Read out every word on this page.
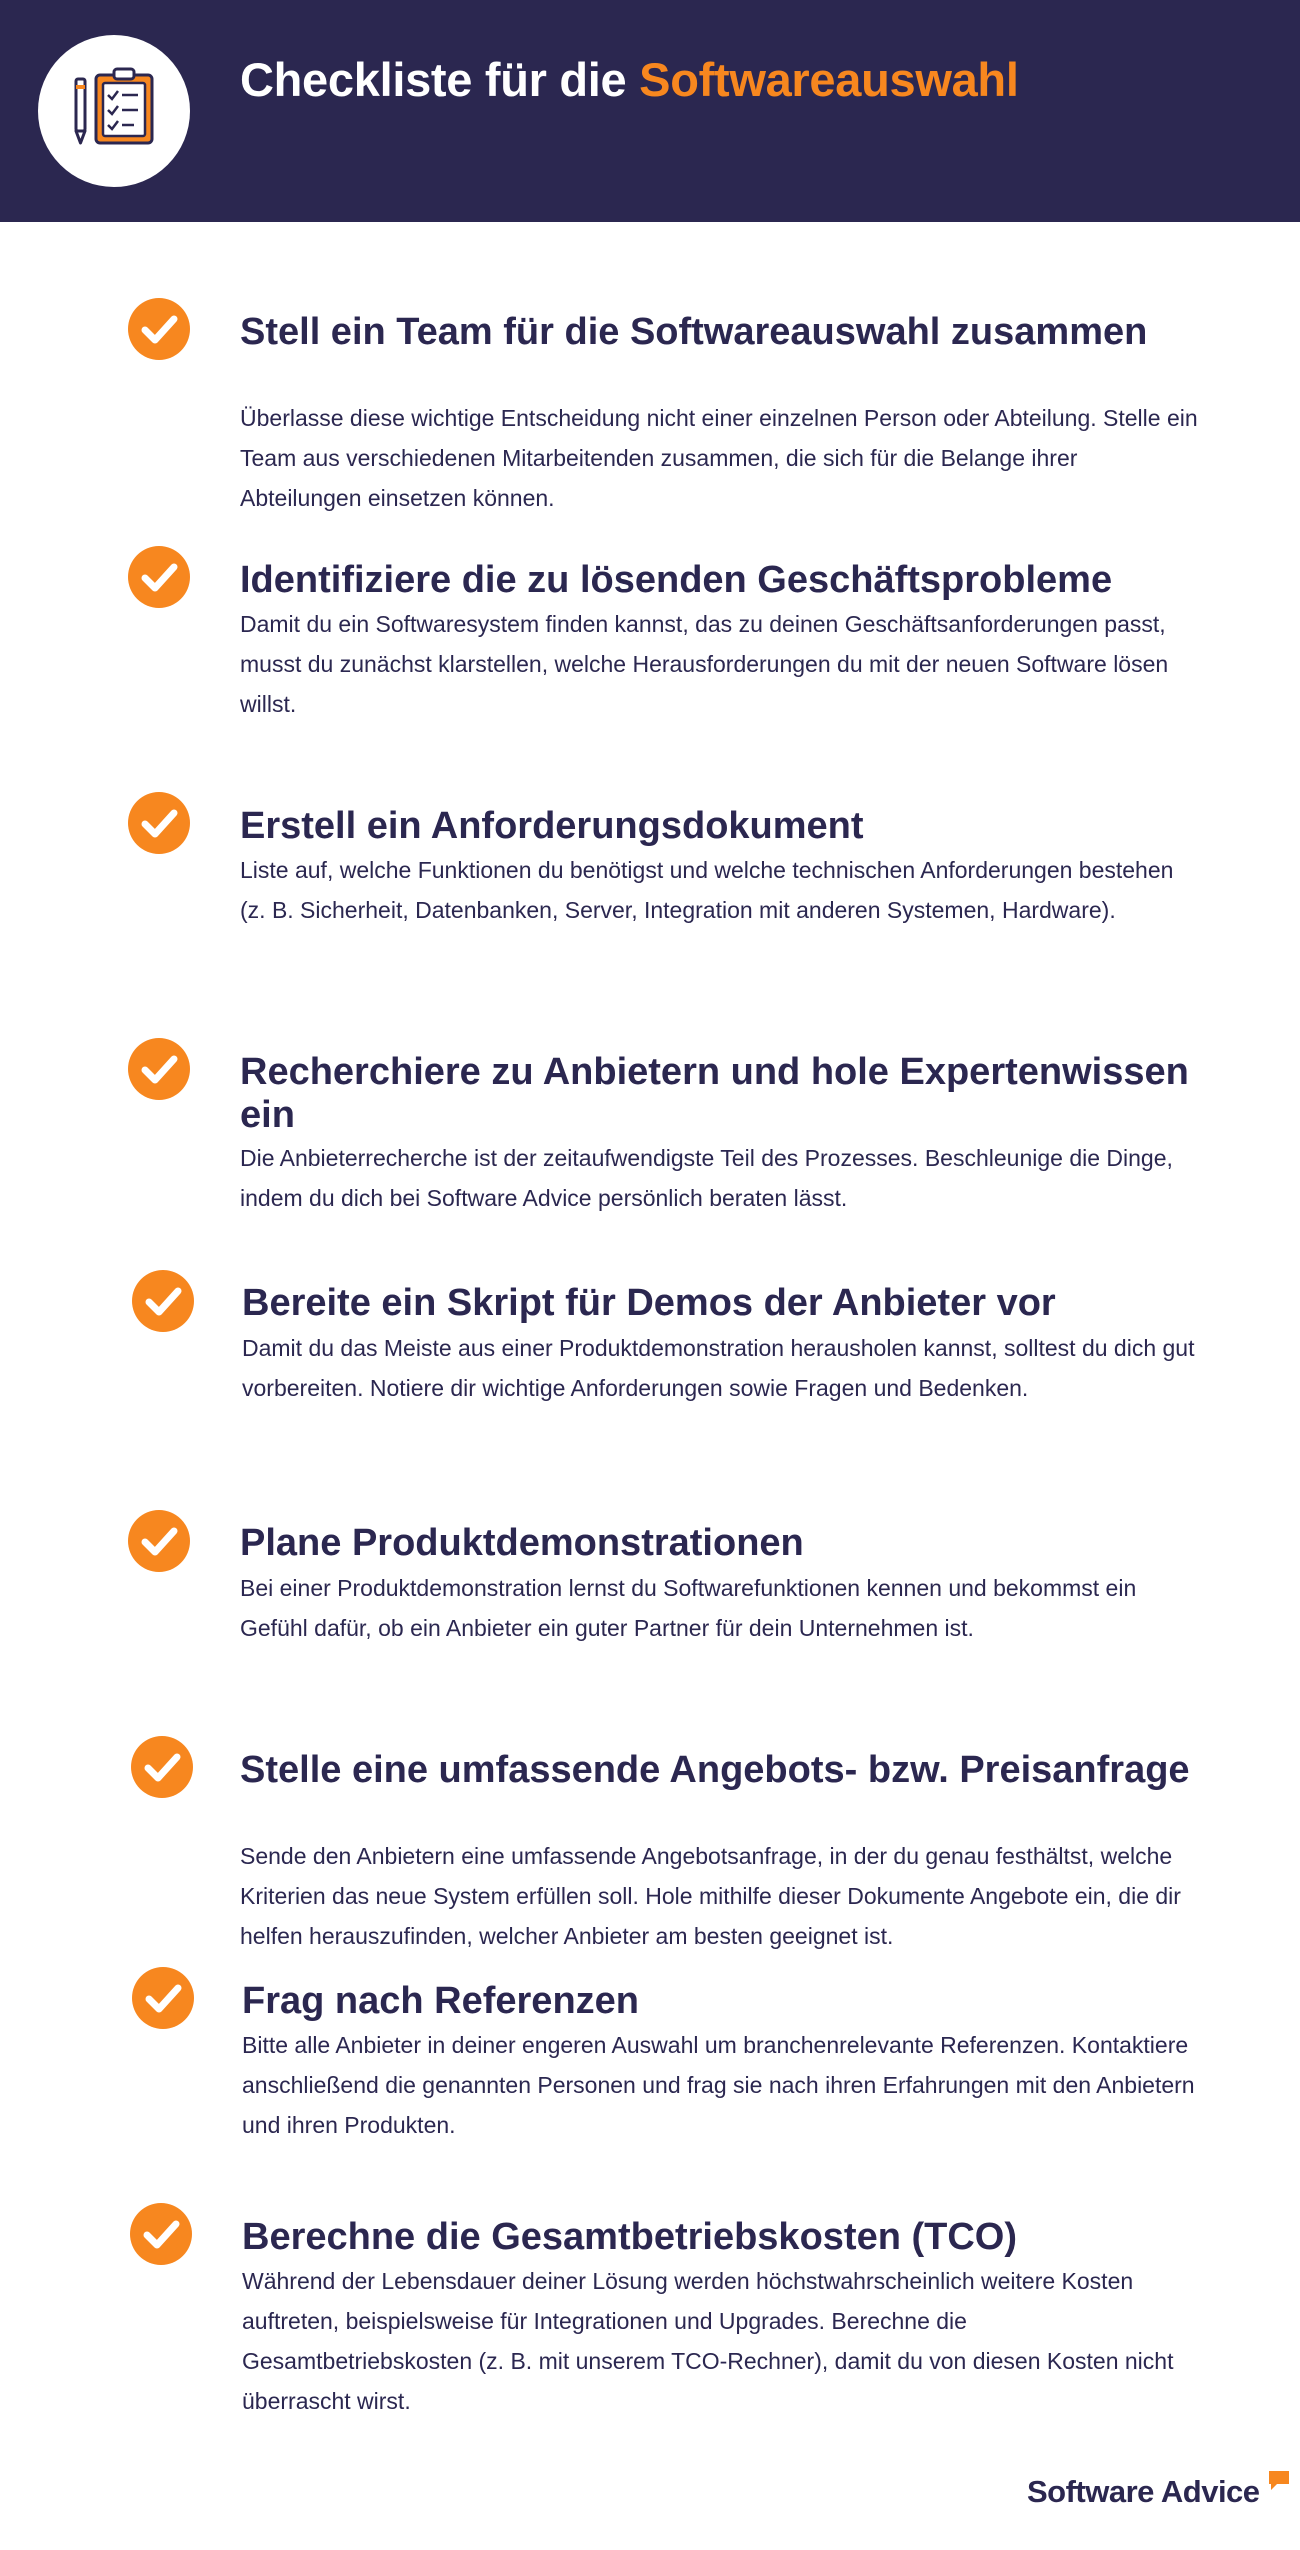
Checkliste für die Softwareauswahl
Stell ein Team für die Softwareauswahl zusammen

Überlasse diese wichtige Entscheidung nicht einer einzelnen Person oder Abteilung. Stelle ein Team aus verschiedenen Mitarbeitenden zusammen, die sich für die Belange ihrer Abteilungen einsetzen können.

Identifiziere die zu lösenden Geschäftsprobleme

Damit du ein Softwaresystem finden kannst, das zu deinen Geschäftsanforderungen passt, musst du zunächst klarstellen, welche Herausforderungen du mit der neuen Software lösen willst.

Erstell ein Anforderungsdokument

Liste auf, welche Funktionen du benötigst und welche technischen Anforderungen bestehen (z. B. Sicherheit, Datenbanken, Server, Integration mit anderen Systemen, Hardware).

Recherchiere zu Anbietern und hole Expertenwissen ein

Die Anbieterrecherche ist der zeitaufwendigste Teil des Prozesses. Beschleunige die Dinge, indem du dich bei Software Advice persönlich beraten lässt.

Bereite ein Skript für Demos der Anbieter vor

Damit du das Meiste aus einer Produktdemonstration herausholen kannst, solltest du dich gut vorbereiten. Notiere dir wichtige Anforderungen sowie Fragen und Bedenken.

Plane Produktdemonstrationen

Bei einer Produktdemonstration lernst du Softwarefunktionen kennen und bekommst ein Gefühl dafür, ob ein Anbieter ein guter Partner für dein Unternehmen ist.

Stelle eine umfassende Angebots- bzw. Preisanfrage

Sende den Anbietern eine umfassende Angebotsanfrage, in der du genau festhältst, welche Kriterien das neue System erfüllen soll. Hole mithilfe dieser Dokumente Angebote ein, die dir helfen herauszufinden, welcher Anbieter am besten geeignet ist.

Frag nach Referenzen

Bitte alle Anbieter in deiner engeren Auswahl um branchenrelevante Referenzen. Kontaktiere anschließend die genannten Personen und frag sie nach ihren Erfahrungen mit den Anbietern und ihren Produkten.

Berechne die Gesamtbetriebskosten (TCO)

Während der Lebensdauer deiner Lösung werden höchstwahrscheinlich weitere Kosten auftreten, beispielsweise für Integrationen und Upgrades. Berechne die Gesamtbetriebskosten (z. B. mit unserem TCO-Rechner), damit du von diesen Kosten nicht überrascht wirst.

Software Advice
